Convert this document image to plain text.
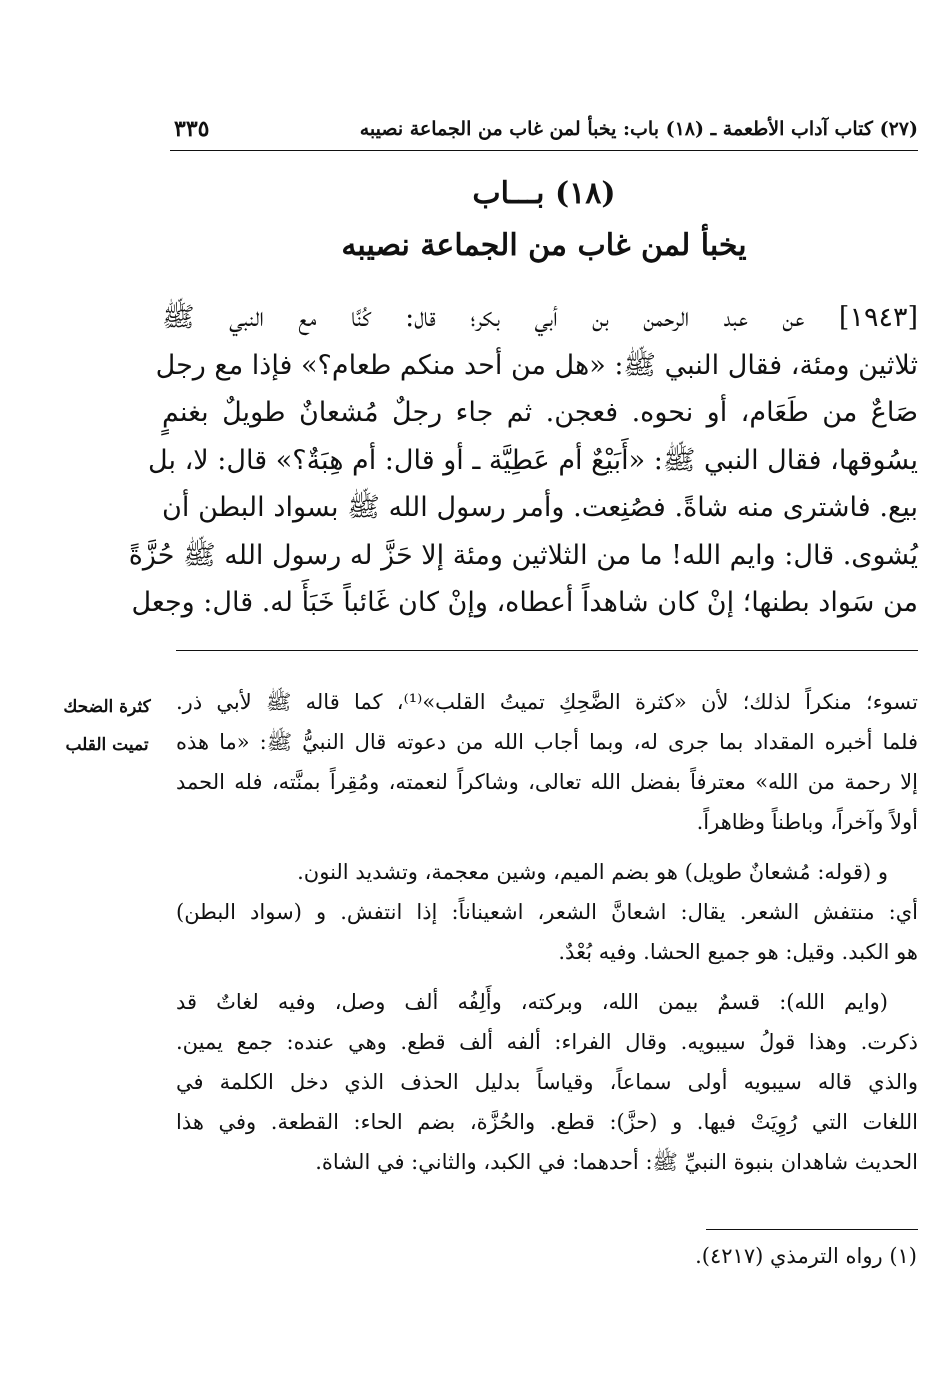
(٢٧) كتاب آداب الأطعمة ـ (١٨) باب: يخبأ لمن غاب من الجماعة نصيبه
٣٣٥
(١٨) بـــاب
يخبأ لمن غاب من الجماعة نصيبه

[١٩٤٣] عن عبد الرحمن بن أبي بكر؛ قال: كُنَّا مع النبي ﷺ

ثلاثين ومئة، فقال النبي ﷺ: «هل من أحد منكم طعام؟» فإذا مع رجل

صَاعٌ من طَعَام، أو نحوه. فعجن. ثم جاء رجلٌ مُشعانٌ طويلٌ بغنمٍ

يسُوقها، فقال النبي ﷺ: «أَبَيْعٌ أم عَطِيَّة ـ أو قال: أم هِبَةٌ؟» قال: لا، بل

بيع. فاشترى منه شاةً. فصُنِعت. وأمر رسول الله ﷺ بسواد البطن أن

يُشوى. قال: وايم الله! ما من الثلاثين ومئة إلا حَزَّ له رسول الله ﷺ حُزَّةً

من سَواد بطنها؛ إنْ كان شاهداً أعطاه، وإنْ كان غَائباً خَبَأَ له. قال: وجعل

كثرة الضحك
تميت القلب

تسوء؛ منكراً لذلك؛ لأن «كثرة الضَّحِكِ تميتُ القلب»⁽¹⁾، كما قاله ﷺ لأبي ذر.

فلما أخبره المقداد بما جرى له، وبما أجاب الله من دعوته قال النبيُّ ﷺ: «ما هذه

إلا رحمة من الله» معترفاً بفضل الله تعالى، وشاكراً لنعمته، ومُقِراً بمنَّته، فله الحمد

أولاً وآخراً، وباطناً وظاهراً.

و (قوله: مُشعانٌ طويل) هو بضم الميم، وشين معجمة، وتشديد النون.

أي: منتفش الشعر. يقال: اشعانَّ الشعر، اشعيناناً: إذا انتفش. و (سواد البطن)

هو الكبد. وقيل: هو جميع الحشا. وفيه بُعْدٌ.

(وايم الله): قسمٌ بيمن الله، وبركته، وأَلِفُه ألف وصل، وفيه لغاتٌ قد

ذكرت. وهذا قولُ سيبويه. وقال الفراء: ألفه ألف قطع. وهي عنده: جمع يمين.

والذي قاله سيبويه أولى سماعاً، وقياساً بدليل الحذف الذي دخل الكلمة في

اللغات التي رُوِيَتْ فيها. و (حزَّ): قطع. والحُزَّة، بضم الحاء: القطعة. وفي هذا

الحديث شاهدان بنبوة النبيِّ ﷺ: أحدهما: في الكبد، والثاني: في الشاة.

(١) رواه الترمذي (٤٢١٧).
